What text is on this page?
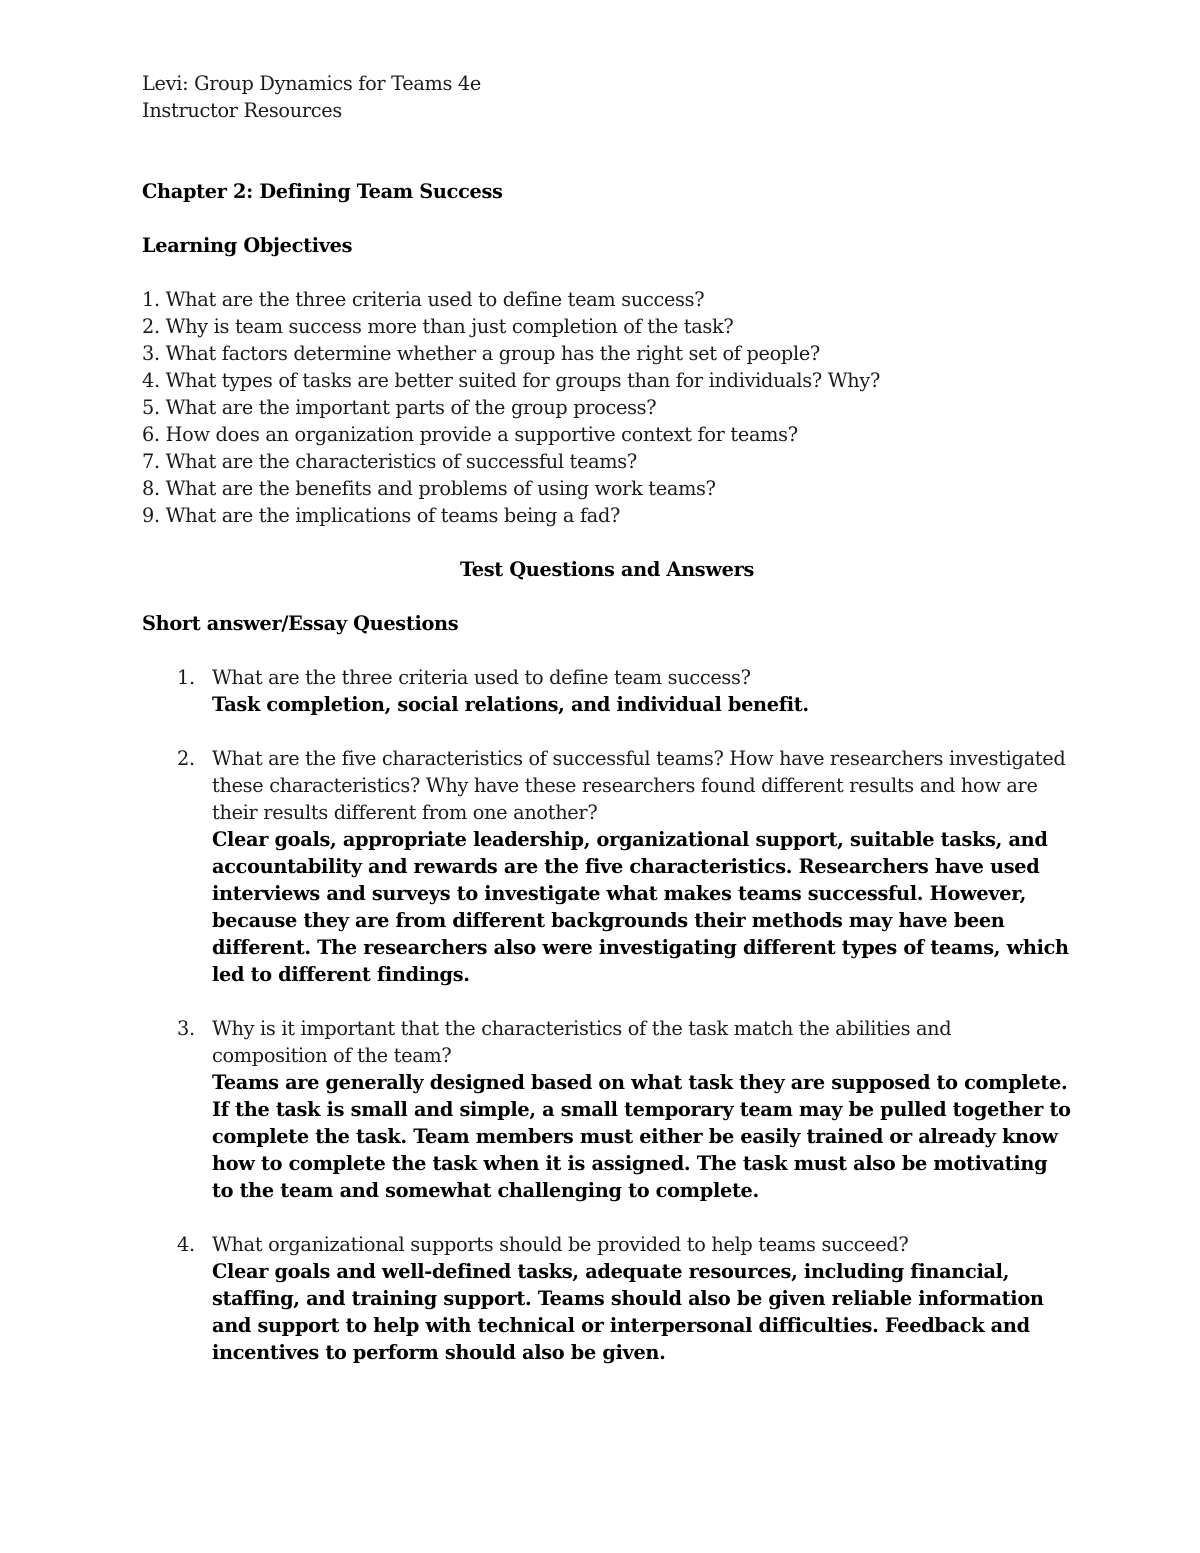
Levi: Group Dynamics for Teams 4e
Instructor Resources
Chapter 2: Defining Team Success
Learning Objectives
1. What are the three criteria used to define team success?
2. Why is team success more than just completion of the task?
3. What factors determine whether a group has the right set of people?
4. What types of tasks are better suited for groups than for individuals? Why?
5. What are the important parts of the group process?
6. How does an organization provide a supportive context for teams?
7. What are the characteristics of successful teams?
8. What are the benefits and problems of using work teams?
9. What are the implications of teams being a fad?
Test Questions and Answers
Short answer/Essay Questions
1. What are the three criteria used to define team success?
Task completion, social relations, and individual benefit.
2. What are the five characteristics of successful teams? How have researchers investigated these characteristics? Why have these researchers found different results and how are their results different from one another?
Clear goals, appropriate leadership, organizational support, suitable tasks, and accountability and rewards are the five characteristics. Researchers have used interviews and surveys to investigate what makes teams successful. However, because they are from different backgrounds their methods may have been different. The researchers also were investigating different types of teams, which led to different findings.
3. Why is it important that the characteristics of the task match the abilities and composition of the team?
Teams are generally designed based on what task they are supposed to complete. If the task is small and simple, a small temporary team may be pulled together to complete the task. Team members must either be easily trained or already know how to complete the task when it is assigned. The task must also be motivating to the team and somewhat challenging to complete.
4. What organizational supports should be provided to help teams succeed?
Clear goals and well-defined tasks, adequate resources, including financial, staffing, and training support. Teams should also be given reliable information and support to help with technical or interpersonal difficulties. Feedback and incentives to perform should also be given.
